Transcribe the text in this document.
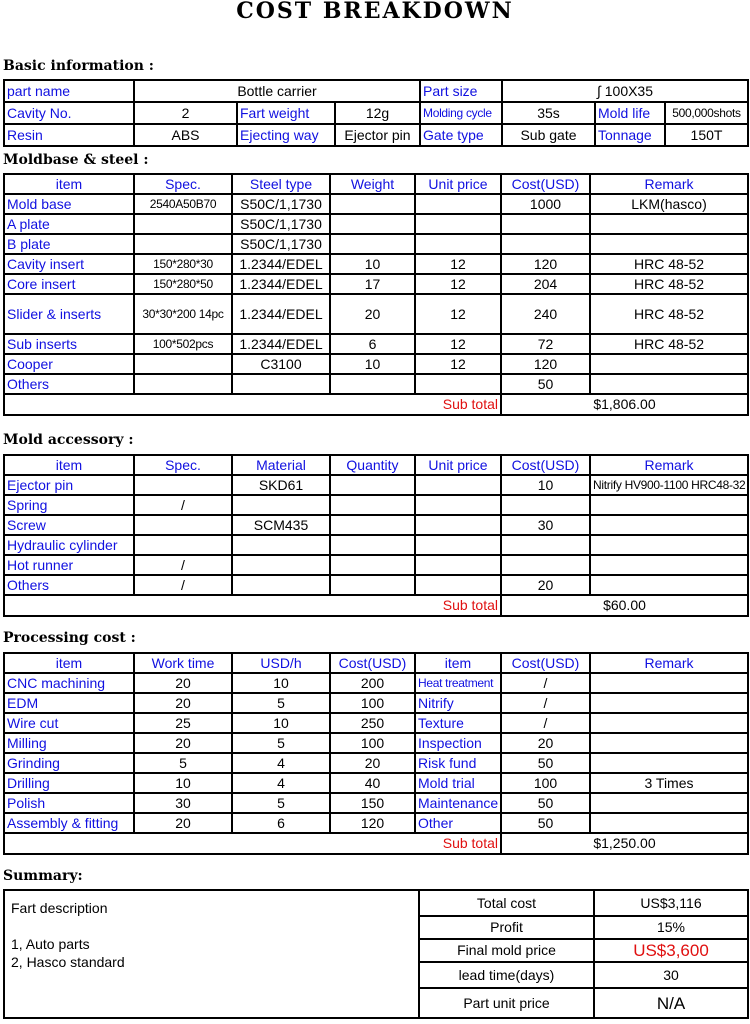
COST BREAKDOWN
Basic information :
part name	Bottle carrier			Part size	∫ 100X35		
Cavity No.	2	Fart weight	12g	Molding cycle	35s	Mold life	500,000shots
Resin	ABS	Ejecting way	Ejector pin	Gate type	Sub gate	Tonnage	150T
Moldbase & steel :
item	Spec.	Steel type	Weight	Unit price	Cost(USD)	Remark
Mold base	2540A50B70	S50C/1,1730			1000	LKM(hasco)
A plate		S50C/1,1730				
B plate		S50C/1,1730				
Cavity insert	150*280*30	1.2344/EDEL	10	12	120	HRC 48-52
Core insert	150*280*50	1.2344/EDEL	17	12	204	HRC 48-52
Slider & inserts	30*30*200 14pc	1.2344/EDEL	20	12	240	HRC 48-52
Sub inserts	100*502pcs	1.2344/EDEL	6	12	72	HRC 48-52
Cooper		C3100	10	12	120	
Others					50	
				Sub total	$1,806.00	
Mold accessory :
item	Spec.	Material	Quantity	Unit price	Cost(USD)	Remark
Ejector pin		SKD61			10	Nitrify HV900-1100 HRC48-32
Spring	/					
Screw		SCM435			30	
Hydraulic cylinder						
Hot runner	/					
Others	/				20	
				Sub total	$60.00	
Processing cost :
item	Work time	USD/h	Cost(USD)	item	Cost(USD)	Remark
CNC machining	20	10	200	Heat treatment	/	
EDM	20	5	100	Nitrify	/	
Wire cut	25	10	250	Texture	/	
Milling	20	5	100	Inspection	20	
Grinding	5	4	20	Risk fund	50	
Drilling	10	4	40	Mold trial	100	3 Times
Polish	30	5	150	Maintenance	50	
Assembly & fitting	20	6	120	Other	50	
				Sub total	$1,250.00	
Summary:
Fart description
1, Auto parts
2, Hasco standard	Total cost	US$3,116
	Profit	15%
	Final mold price	US$3,600
	lead time(days)	30
	Part unit price	N/A
